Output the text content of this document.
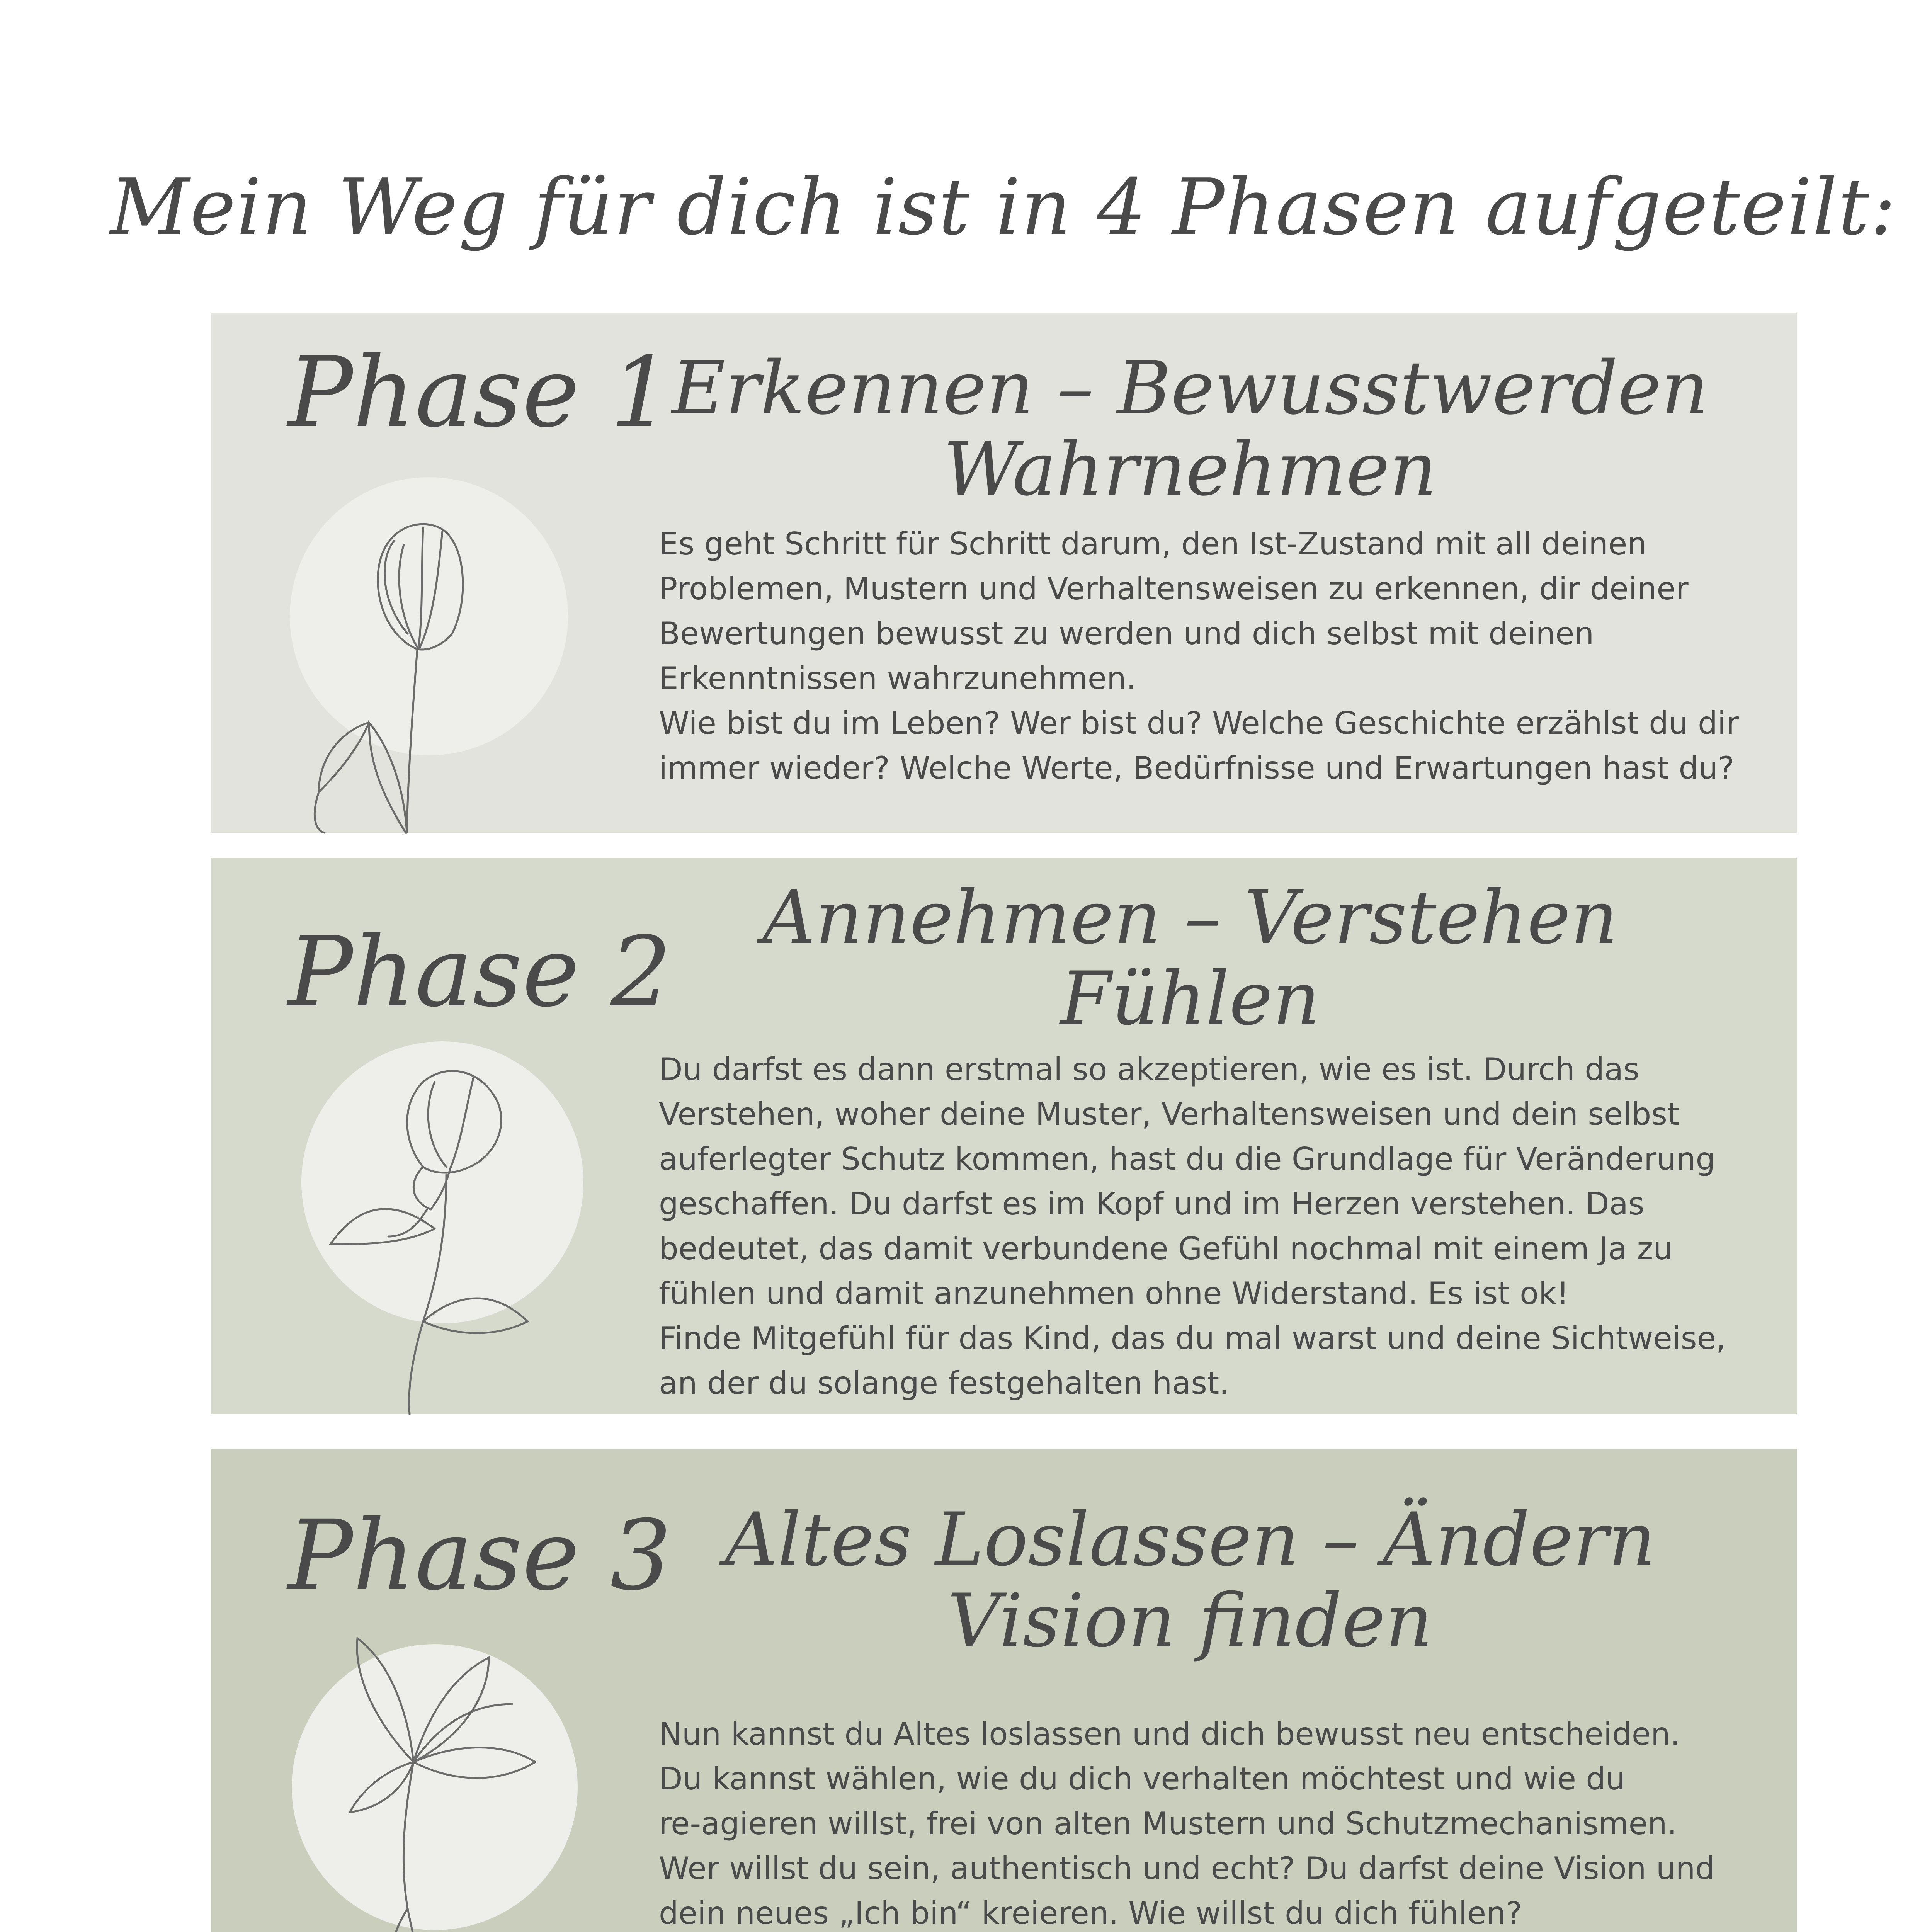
Mein Weg für dich ist in 4 Phasen aufgeteilt:
Phase 1 Erkennen – Bewusstwerden
Wahrnehmen
Es geht Schritt für Schritt darum, den Ist-Zustand mit all deinen
Problemen, Mustern und Verhaltensweisen zu erkennen, dir deiner
Bewertungen bewusst zu werden und dich selbst mit deinen
Erkenntnissen wahrzunehmen.
Wie bist du im Leben? Wer bist du? Welche Geschichte erzählst du dir
immer wieder? Welche Werte, Bedürfnisse und Erwartungen hast du?
Phase 2	Annehmen – Verstehen
Fühlen
Du darfst es dann erstmal so akzeptieren, wie es ist. Durch das
Verstehen, woher deine Muster, Verhaltensweisen und dein selbst
auferlegter Schutz kommen, hast du die Grundlage für Veränderung
geschaffen. Du darfst es im Kopf und im Herzen verstehen. Das
bedeutet, das damit verbundene Gefühl nochmal mit einem Ja zu
fühlen und damit anzunehmen ohne Widerstand. Es ist ok!
Finde Mitgefühl für das Kind, das du mal warst und deine Sichtweise,
an der du solange festgehalten hast.
Phase 3 Altes Loslassen – Ändern
Vision finden
Nun kannst du Altes loslassen und dich bewusst neu entscheiden.
Du kannst wählen, wie du dich verhalten möchtest und wie du
re-agieren willst, frei von alten Mustern und Schutzmechanismen.
Wer willst du sein, authentisch und echt? Du darfst deine Vision und
dein neues „Ich bin“ kreieren. Wie willst du dich fühlen?
